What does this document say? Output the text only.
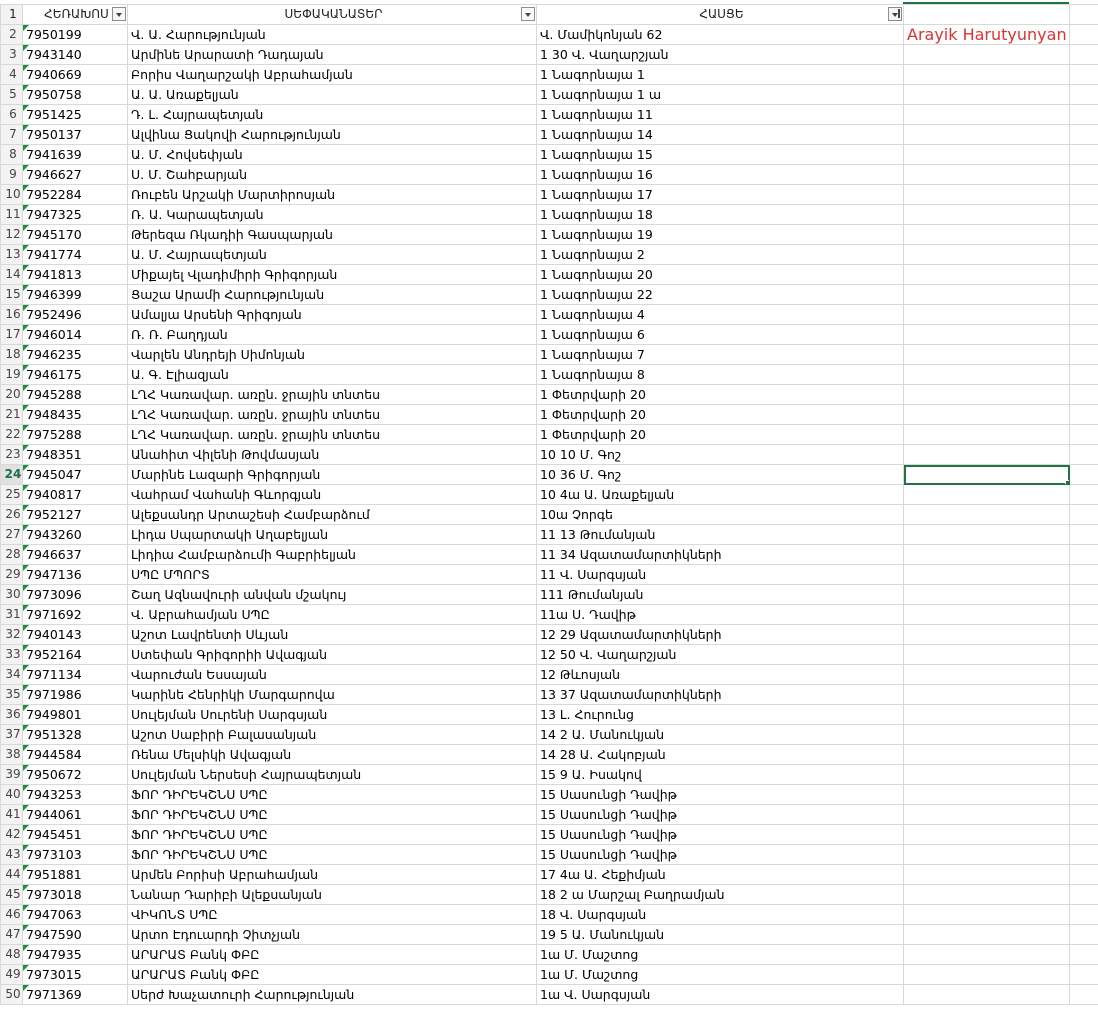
1	ՀԵՌԱԽՈՍ	ՍԵՓԱԿԱՆԱՏԵՐ	ՀԱՍՑԵ

2	7950199	Վ. Ա. Հարությունյան	Վ. Մամիկոնյան 62	Arayik Harutyunyan	
3	7943140	Արմինե Արարատի Դադայան	1 30 Վ. Վաղարշյան		
4	7940669	Բորիս Վաղարշակի Աբրահամյան	1 Նագորնայա 1		
5	7950758	Ա. Ա. Առաքելյան	1 Նագորնայա 1 ա		
6	7951425	Դ. Լ. Հայրապետյան	1 Նագորնայա 11		
7	7950137	Ալվինա Ցակովի Հարությունյան	1 Նագորնայա 14		
8	7941639	Ա. Մ. Հովսեփյան	1 Նագորնայա 15		
9	7946627	Ս. Մ. Շահբարյան	1 Նագորնայա 16		
10	7952284	Ռուբեն Արշակի Մարտիրոսյան	1 Նագորնայա 17		
11	7947325	Ռ. Ա. Կարապետյան	1 Նագորնայա 18		
12	7945170	Թերեզա Ռկադիի Գասպարյան	1 Նագորնայա 19		
13	7941774	Ա. Մ. Հայրապետյան	1 Նագորնայա 2		
14	7941813	Միքայել Վլադիմիրի Գրիգորյան	1 Նագորնայա 20		
15	7946399	Ցաշա Արամի Հարությունյան	1 Նագորնայա 22		
16	7952496	Ամալյա Արսենի Գրիգոյան	1 Նագորնայա 4		
17	7946014	Ռ. Ռ. Բաղդյան	1 Նագորնայա 6		
18	7946235	Վարլեն Անդրեյի Սիմոնյան	1 Նագորնայա 7		
19	7946175	Ա. Գ. Էլիազյան	1 Նագորնայա 8		
20	7945288	ԼՂՀ Կառավար. առըն. ջրային տնտես	1 Փետրվարի 20		
21	7948435	ԼՂՀ Կառավար. առըն. ջրային տնտես	1 Փետրվարի 20		
22	7975288	ԼՂՀ Կառավար. առըն. ջրային տնտես	1 Փետրվարի 20		
23	7948351	Անահիտ Վիլենի Թովմասյան	10 10 Մ. Գոշ		
24	7945047	Մարինե Լազարի Գրիգորյան	10 36 Մ. Գոշ		
25	7940817	Վահրամ Վահանի Գևորգյան	10 4ա Ա. Առաքելյան		
26	7952127	Ալեքսանդր Արտաշեսի Համբարձում	10ա Չորգե		
27	7943260	Լիդա Սպարտակի Աղաբելյան	11 13 Թումանյան		
28	7946637	Լիդիա Համբարձումի Գաբրիելյան	11 34 Ազատամարտիկների		
29	7947136	ՍՊԸ ՄՊՈՐՏ	11 Վ. Սարգսյան		
30	7973096	Շաղ Ազնավուրի անվան մշակույ	111 Թումանյան		
31	7971692	Վ. Աբրահամյան ՍՊԸ	11ա Ս. Դավիթ		
32	7940143	Աշոտ Լավրենտի Սևյան	12 29 Ազատամարտիկների		
33	7952164	Ստեփան Գրիգորիի Ավագյան	12 50 Վ. Վաղարշյան		
34	7971134	Վարուժան Եսսայան	12 Թևոսյան		
35	7971986	Կարինե Հենրիկի Մարգարովա	13 37 Ազատամարտիկների		
36	7949801	Սուլեյման Սուրենի Սարգսյան	13 Լ. Հուրունց		
37	7951328	Աշոտ Սաբիրի Բալասանյան	14 2 Ա. Մանուկյան		
38	7944584	Ռենա Մելսիկի Ավագյան	14 28 Ա. Հակոբյան		
39	7950672	Սուլեյման Ներսեսի Հայրապետյան	15 9 Ա. Իսակով		
40	7943253	ՖՈՐ ԴԻՐԵԿՇՆՍ ՍՊԸ	15 Սասունցի Դավիթ		
41	7944061	ՖՈՐ ԴԻՐԵԿՇՆՍ ՍՊԸ	15 Սասունցի Դավիթ		
42	7945451	ՖՈՐ ԴԻՐԵԿՇՆՍ ՍՊԸ	15 Սասունցի Դավիթ		
43	7973103	ՖՈՐ ԴԻՐԵԿՇՆՍ ՍՊԸ	15 Սասունցի Դավիթ		
44	7951881	Արմեն Բորիսի Աբրահամյան	17 4ա Ա. Հեքիմյան		
45	7973018	Նանար Դարիբի Ալեքսանյան	18 2 ա Մարշալ Բաղրամյան		
46	7947063	ՎԻԿՈՆՏ ՍՊԸ	18 Վ. Սարգսյան		
47	7947590	Արտո Էդուարդի Չիտչյան	19 5 Ա. Մանուկյան		
48	7947935	ԱՐԱՐԱՏ Բանկ ՓԲԸ	1ա Մ. Մաշտոց		
49	7973015	ԱՐԱՐԱՏ Բանկ ՓԲԸ	1ա Մ. Մաշտոց		
50	7971369	Սերժ Խաչատուրի Հարությունյան	1ա Վ. Սարգսյան		
